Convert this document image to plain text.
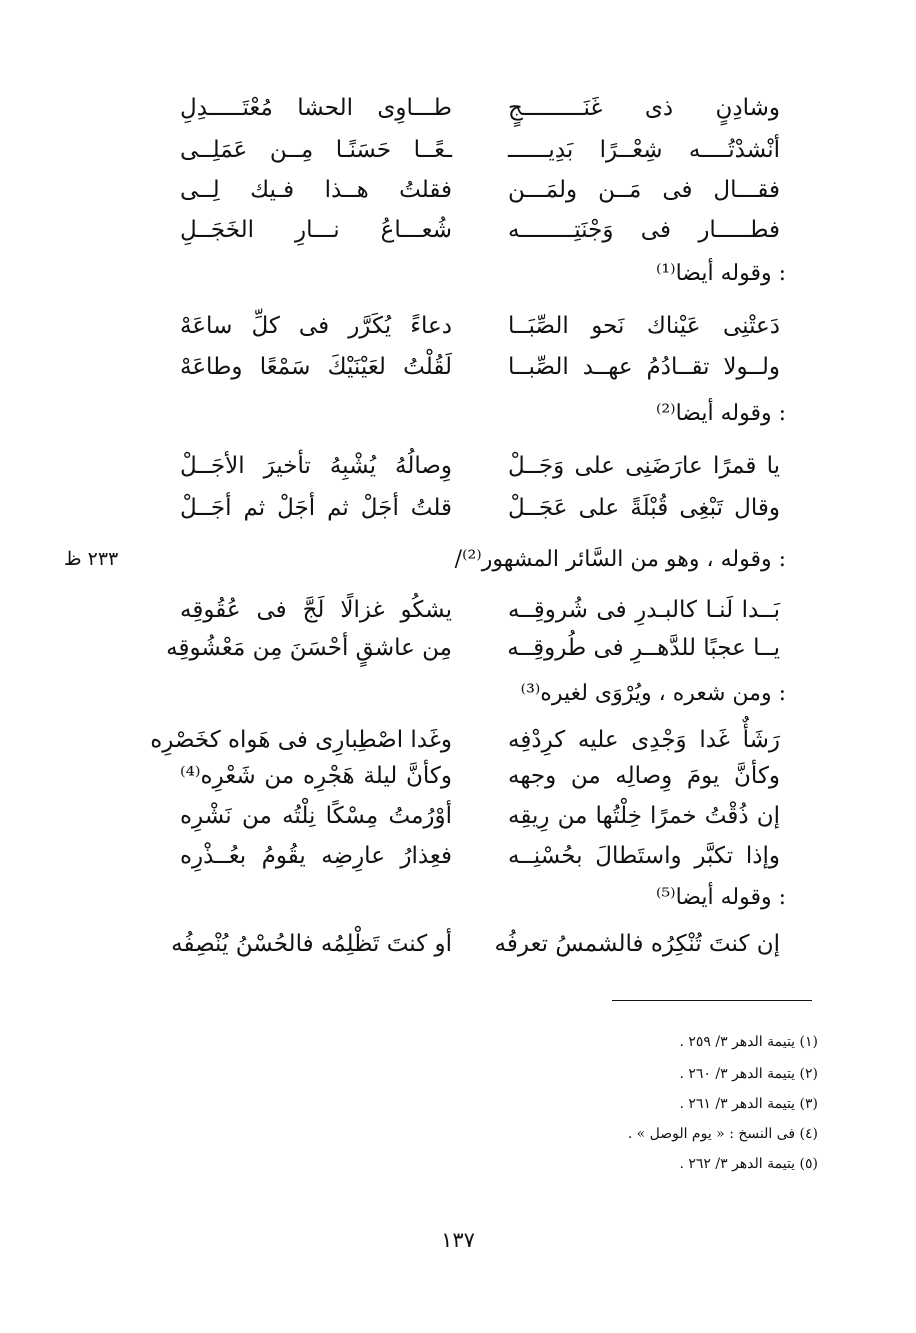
٢٣٣ ظ
وشادِنٍ ذى غَنَـــــــــجٍ
طـــاوِى الحشا مُعْتَـــــدِلِ
أنْشدْتُــــه شِعْــرًا بَدِيــــــ
ـعًــا حَسَنًـا مِــن عَمَلِــى
فقـــال فى مَــن ولمَـــن
فقلتُ هــذا فـيك لِــى
فطـــــار فى وَجْنَتِــــــــه
شُعـــاعُ نـــارِ الخَجَــلِ
وقوله أيضا⁽¹⁾ :
دَعتْنِى عَيْناك نَحو الصِّبَــا
دعاءً يُكَرَّر فى كلِّ ساعَهْ
ولــولا تقــادُمُ عهــد الصِّبــا
لَقُلْتُ لعَيْنَيْكَ سَمْعًا وطاعَهْ
وقوله أيضا⁽²⁾ :
يا قمرًا عارَضَنِى على وَجَــلْ
وِصالُهُ يُشْبِهُ تأخيرَ الأجَــلْ
وقال تَبْغِى قُبْلَةً على عَجَــلْ
قلتُ أجَلْ ثم أجَلْ ثم أجَــلْ
/وقوله ، وهو من السَّائر المشهور⁽²⁾ :
بَــدا لَنـا كالبـدرِ فى شُروقِــه
يشكُو غزالًا لَجَّ فى عُقُوقِه
يــا عجبًا للدَّهــرِ فى طُروقِــه
مِن عاشقٍ أحْسَنَ مِن مَعْشُوقِه
ومن شعره ، ويُرْوَى لغيره⁽³⁾ :
رَشَأٌ غَدا وَجْدِى عليه كرِدْفِه
وغَدا اصْطِبارِى فى هَواه كخَصْرِه
وكأنَّ يومَ وِصالِه من وجهه
وكأنَّ ليلة هَجْرِه من شَعْرِه⁽⁴⁾
إن ذُقْتُ خمرًا خِلْتُها من رِيقِه
أوْرُمتُ مِسْكًا نِلْتُه من نَشْرِه
وإذا تكبَّر واستَطالَ بحُسْنِــه
فعِذارُ عارِضِه يقُومُ بعُــذْرِه
وقوله أيضا⁽⁵⁾ :
إن كنتَ تُنْكِرُه فالشمسُ تعرفُه
أو كنتَ تَظْلِمُه فالحُسْنُ يُنْصِفُه
(١) يتيمة الدهر ٣/ ٢٥٩ .
(٢) يتيمة الدهر ٣/ ٢٦٠ .
(٣) يتيمة الدهر ٣/ ٢٦١ .
(٤) فى النسخ : « يوم الوصل » .
(٥) يتيمة الدهر ٣/ ٢٦٢ .
١٣٧
